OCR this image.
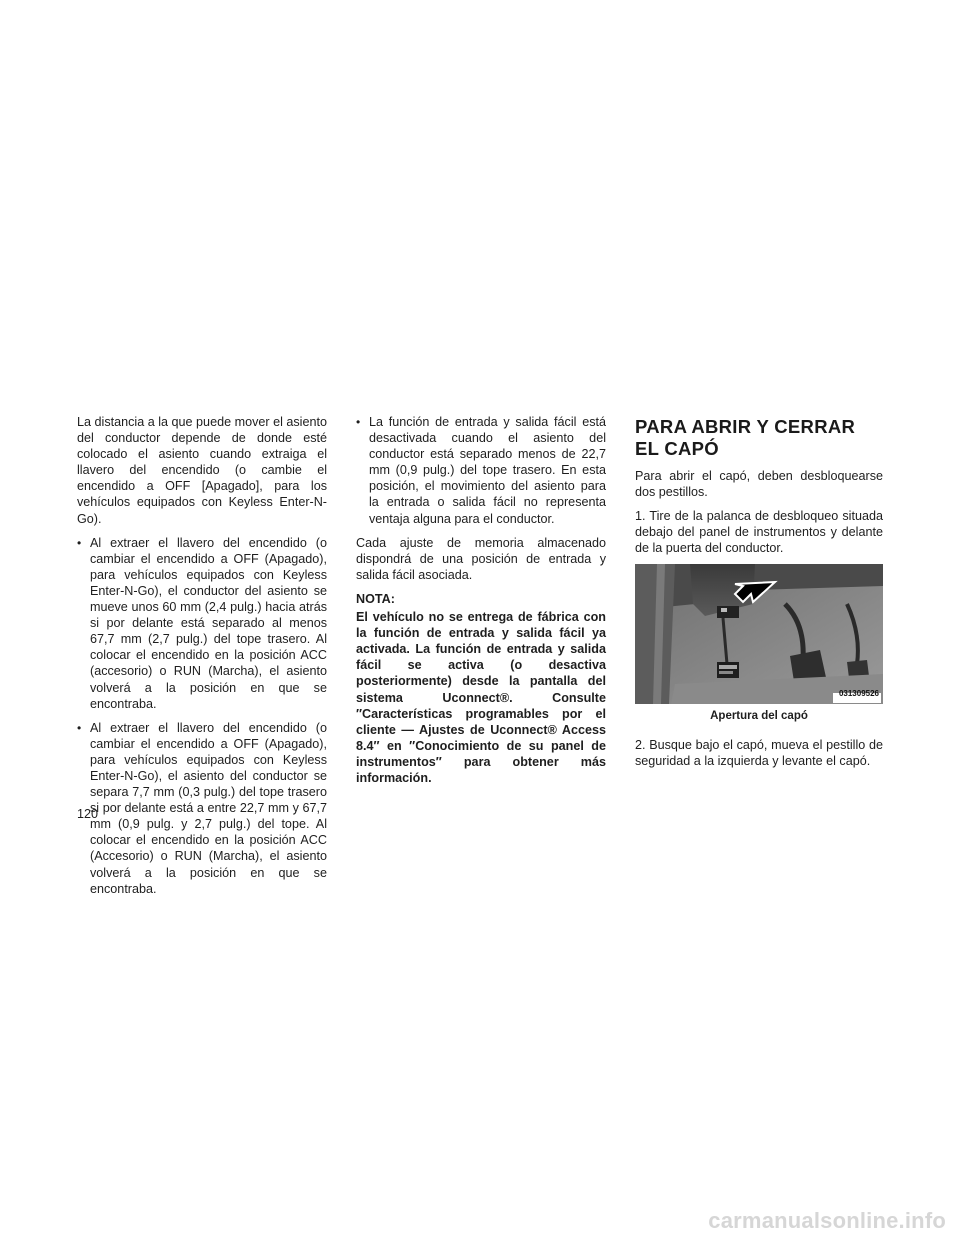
La distancia a la que puede mover el asiento del conductor depende de donde esté colocado el asiento cuando extraiga el llavero del encendido (o cambie el encendido a OFF [Apagado], para los vehículos equipados con Keyless Enter-N-Go).

• Al extraer el llavero del encendido (o cambiar el encendido a OFF (Apagado), para vehículos equipados con Keyless Enter-N-Go), el conductor del asiento se mueve unos 60 mm (2,4 pulg.) hacia atrás si por delante está separado al menos 67,7 mm (2,7 pulg.) del tope trasero. Al colocar el encendido en la posición ACC (accesorio) o RUN (Marcha), el asiento volverá a la posición en que se encontraba.
• Al extraer el llavero del encendido (o cambiar el encendido a OFF (Apagado), para vehículos equipados con Keyless Enter-N-Go), el asiento del conductor se separa 7,7 mm (0,3 pulg.) del tope trasero si por delante está a entre 22,7 mm y 67,7 mm (0,9 pulg. y 2,7 pulg.) del tope. Al colocar el encendido en la posición ACC (Accesorio) o RUN (Marcha), el asiento volverá a la posición en que se encontraba.
• La función de entrada y salida fácil está desactivada cuando el asiento del conductor está separado menos de 22,7 mm (0,9 pulg.) del tope trasero. En esta posición, el movimiento del asiento para la entrada o salida fácil no representa ventaja alguna para el conductor.

Cada ajuste de memoria almacenado dispondrá de una posición de entrada y salida fácil asociada.

NOTA:

El vehículo no se entrega de fábrica con la función de entrada y salida fácil ya activada. La función de entrada y salida fácil se activa (o desactiva posteriormente) desde la pantalla del sistema Uconnect®. Consulte ″Características programables por el cliente — Ajustes de Uconnect® Access 8.4″ en ″Conocimiento de su panel de instrumentos″ para obtener más información.

PARA ABRIR Y CERRAR EL CAPÓ

Para abrir el capó, deben desbloquearse dos pestillos.

1. Tire de la palanca de desbloqueo situada debajo del panel de instrumentos y delante de la puerta del conductor.

031309526
Apertura del capó

2. Busque bajo el capó, mueva el pestillo de seguridad a la izquierda y levante el capó.

120
carmanualsonline.info
